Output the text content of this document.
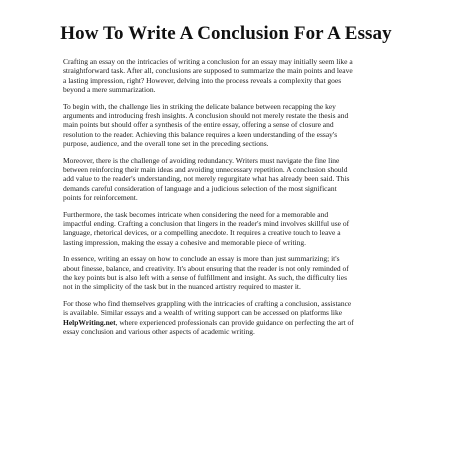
How To Write A Conclusion For A Essay

Crafting an essay on the intricacies of writing a conclusion for an essay may initially seem like a
straightforward task. After all, conclusions are supposed to summarize the main points and leave
a lasting impression, right? However, delving into the process reveals a complexity that goes
beyond a mere summarization.

To begin with, the challenge lies in striking the delicate balance between recapping the key
arguments and introducing fresh insights. A conclusion should not merely restate the thesis and
main points but should offer a synthesis of the entire essay, offering a sense of closure and
resolution to the reader. Achieving this balance requires a keen understanding of the essay's
purpose, audience, and the overall tone set in the preceding sections.

Moreover, there is the challenge of avoiding redundancy. Writers must navigate the fine line
between reinforcing their main ideas and avoiding unnecessary repetition. A conclusion should
add value to the reader's understanding, not merely regurgitate what has already been said. This
demands careful consideration of language and a judicious selection of the most significant
points for reinforcement.

Furthermore, the task becomes intricate when considering the need for a memorable and
impactful ending. Crafting a conclusion that lingers in the reader's mind involves skillful use of
language, rhetorical devices, or a compelling anecdote. It requires a creative touch to leave a
lasting impression, making the essay a cohesive and memorable piece of writing.

In essence, writing an essay on how to conclude an essay is more than just summarizing; it's
about finesse, balance, and creativity. It's about ensuring that the reader is not only reminded of
the key points but is also left with a sense of fulfillment and insight. As such, the difficulty lies
not in the simplicity of the task but in the nuanced artistry required to master it.

For those who find themselves grappling with the intricacies of crafting a conclusion, assistance
is available. Similar essays and a wealth of writing support can be accessed on platforms like
HelpWriting.net, where experienced professionals can provide guidance on perfecting the art of
essay conclusion and various other aspects of academic writing.
